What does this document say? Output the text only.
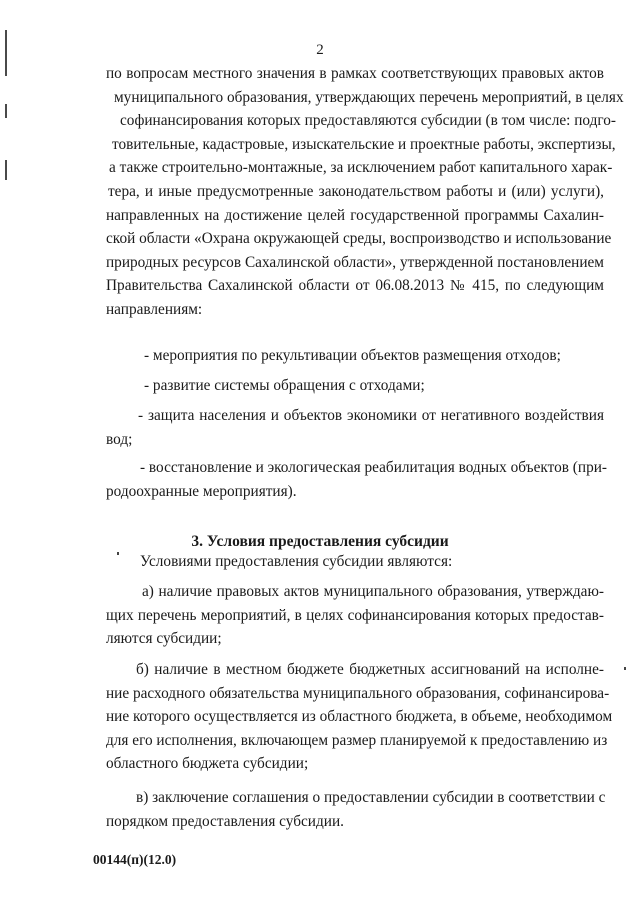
2
по вопросам местного значения в рамках соответствующих правовых актов
муниципального образования, утверждающих перечень мероприятий, в целях
софинансирования которых предоставляются субсидии (в том числе: подго-
товительные, кадастровые, изыскательские и проектные работы, экспертизы,
а также строительно-монтажные, за исключением работ капитального харак-
тера, и иные предусмотренные законодательством работы и (или) услуги),
направленных на достижение целей государственной программы Сахалин-
ской области «Охрана окружающей среды, воспроизводство и использование
природных ресурсов Сахалинской области», утвержденной постановлением
Правительства Сахалинской области от 06.08.2013 № 415, по следующим
направлениям:
- мероприятия по рекультивации объектов размещения отходов;
- развитие системы обращения с отходами;
- защита населения и объектов экономики от негативного воздействия
вод;
- восстановление и экологическая реабилитация водных объектов (при-
родоохранные мероприятия).
3. Условия предоставления субсидии
Условиями предоставления субсидии являются:
а) наличие правовых актов муниципального образования, утверждаю-
щих перечень мероприятий, в целях софинансирования которых предостав-
ляются субсидии;
б) наличие в местном бюджете бюджетных ассигнований на исполне-
ние расходного обязательства муниципального образования, софинансирова-
ние которого осуществляется из областного бюджета, в объеме, необходимом
для его исполнения, включающем размер планируемой к предоставлению из
областного бюджета субсидии;
в) заключение соглашения о предоставлении субсидии в соответствии с
порядком предоставления субсидии.
00144(п)(12.0)
